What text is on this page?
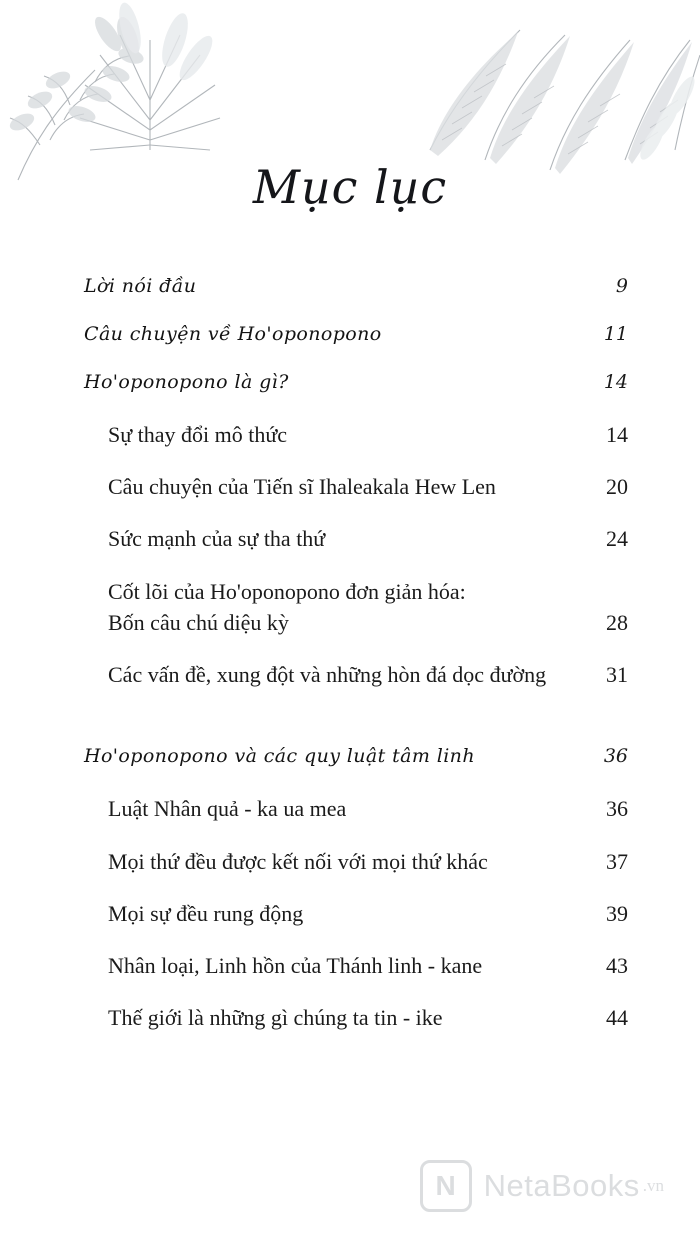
Mục lục
Lời nói đầu	9
Câu chuyện về Ho'oponopono	11
Ho'oponopono là gì?	14
Sự thay đổi mô thức	14
Câu chuyện của Tiến sĩ Ihaleakala Hew Len	20
Sức mạnh của sự tha thứ	24
Cốt lõi của Ho'oponopono đơn giản hóa:
Bốn câu chú diệu kỳ	28
Các vấn đề, xung đột và những hòn đá dọc đường	31
Ho'oponopono và các quy luật tâm linh	36
Luật Nhân quả - ka ua mea	36
Mọi thứ đều được kết nối với mọi thứ khác	37
Mọi sự đều rung động	39
Nhân loại, Linh hồn của Thánh linh - kane	43
Thế giới là những gì chúng ta tin - ike	44
N NetaBooks .vn
